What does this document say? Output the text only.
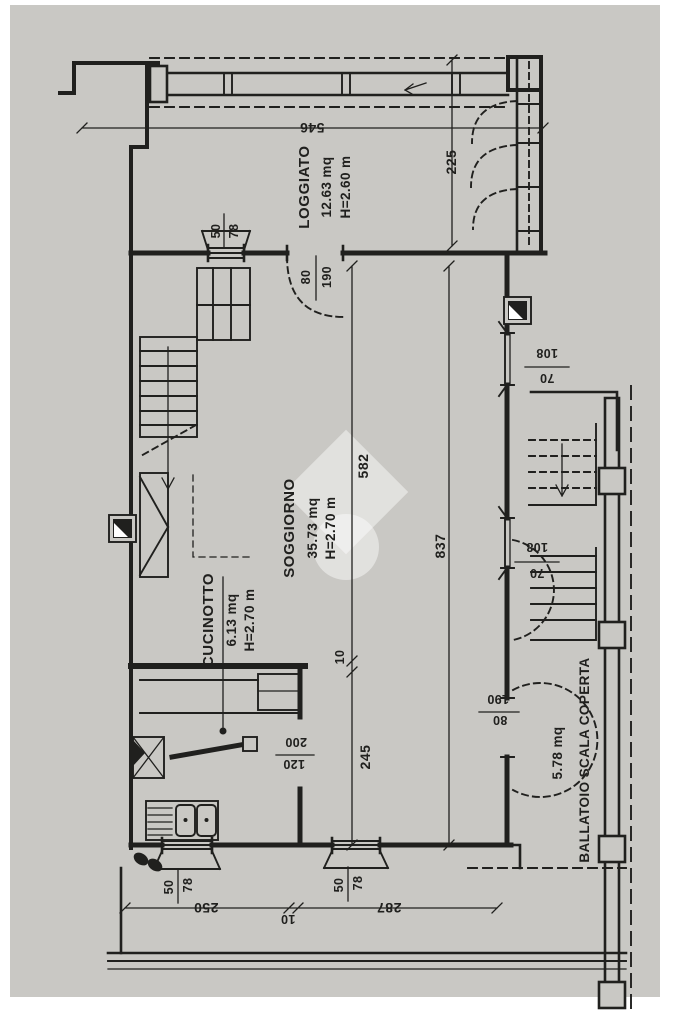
546
225
582
10
245
837
250
10
287
50 78
80 190
108
70
108
70
200
120
190
80
50 78	50 78
LOGGIATO 12.63 mq H=2.60 m
SOGGIORNO 35.73 mq H=2.70 m
CUCINOTTO 6.13 mq H=2.70 m
BALLATOIO SCALA COPERTA
5.78 mq
